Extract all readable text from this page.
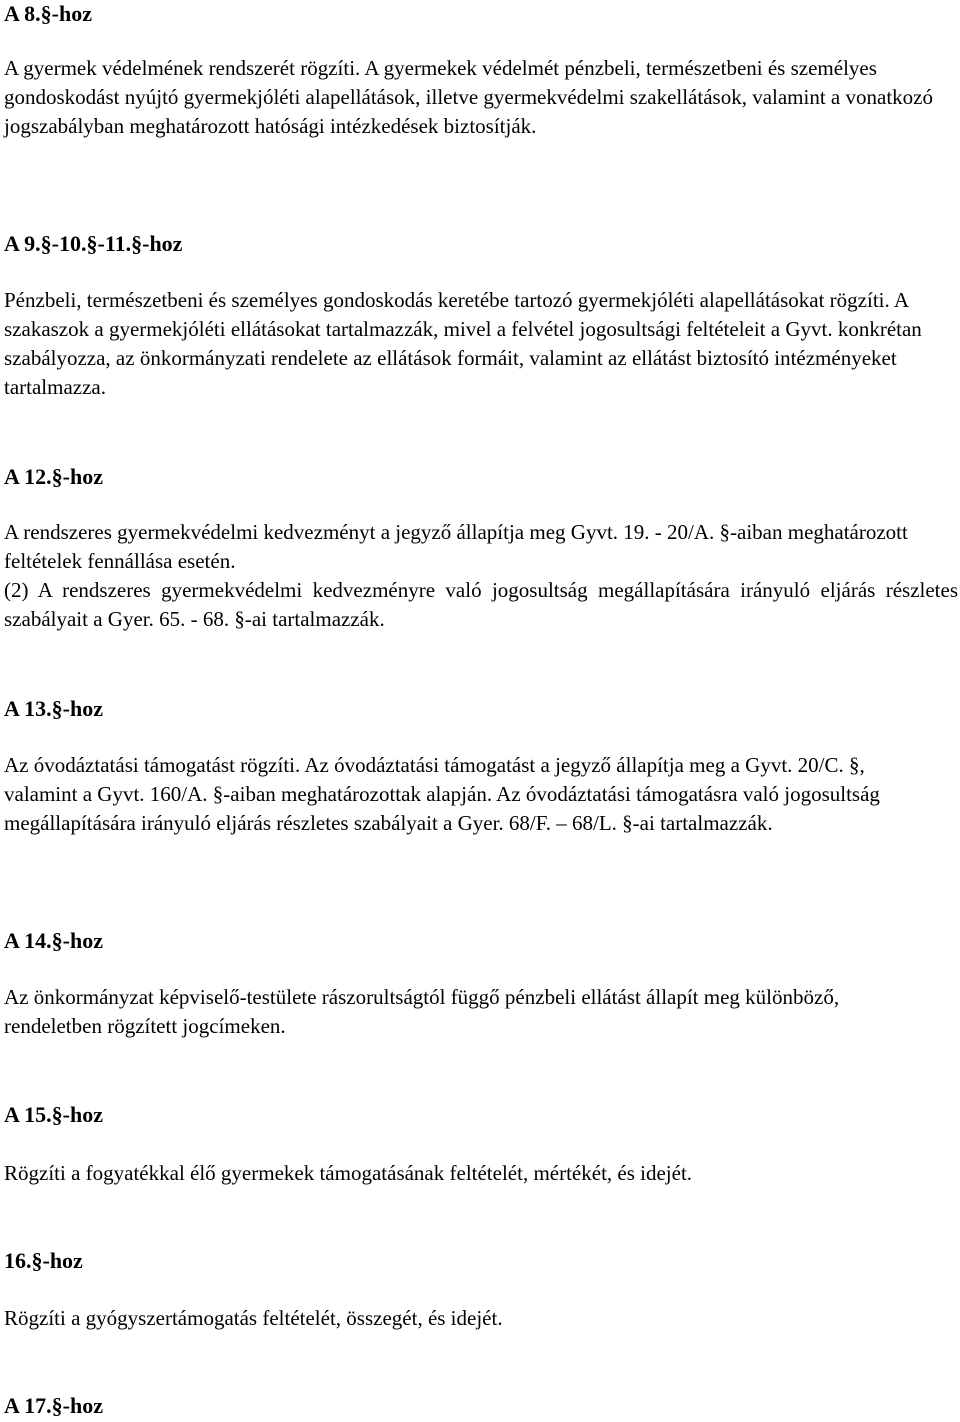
A 8.§-hoz

A gyermek védelmének rendszerét rögzíti. A gyermekek védelmét pénzbeli, természetbeni és személyes gondoskodást nyújtó gyermekjóléti alapellátások, illetve gyermekvédelmi szakellátások, valamint a vonatkozó jogszabályban meghatározott hatósági intézkedések biztosítják.

A 9.§-10.§-11.§-hoz

Pénzbeli, természetbeni és személyes gondoskodás keretébe tartozó gyermekjóléti alapellátásokat rögzíti. A szakaszok a gyermekjóléti ellátásokat tartalmazzák, mivel a felvétel jogosultsági feltételeit a Gyvt. konkrétan szabályozza, az önkormányzati rendelete az ellátások formáit, valamint az ellátást biztosító intézményeket tartalmazza.

A 12.§-hoz

A rendszeres gyermekvédelmi kedvezményt a jegyző állapítja meg Gyvt. 19. - 20/A. §-aiban meghatározott feltételek fennállása esetén.

(2) A rendszeres gyermekvédelmi kedvezményre való jogosultság megállapítására irányuló eljárás részletes szabályait a Gyer. 65. - 68. §-ai tartalmazzák.

A 13.§-hoz

Az óvodáztatási támogatást rögzíti. Az óvodáztatási támogatást a jegyző állapítja meg a Gyvt. 20/C. §, valamint a Gyvt. 160/A. §-aiban meghatározottak alapján. Az óvodáztatási támogatásra való jogosultság megállapítására irányuló eljárás részletes szabályait a Gyer. 68/F. – 68/L. §-ai tartalmazzák.

A 14.§-hoz

Az önkormányzat képviselő-testülete rászorultságtól függő pénzbeli ellátást állapít meg különböző, rendeletben rögzített jogcímeken.

A 15.§-hoz

Rögzíti a fogyatékkal élő gyermekek támogatásának feltételét, mértékét, és idejét.

16.§-hoz

Rögzíti a gyógyszertámogatás feltételét, összegét, és idejét.

A 17.§-hoz
